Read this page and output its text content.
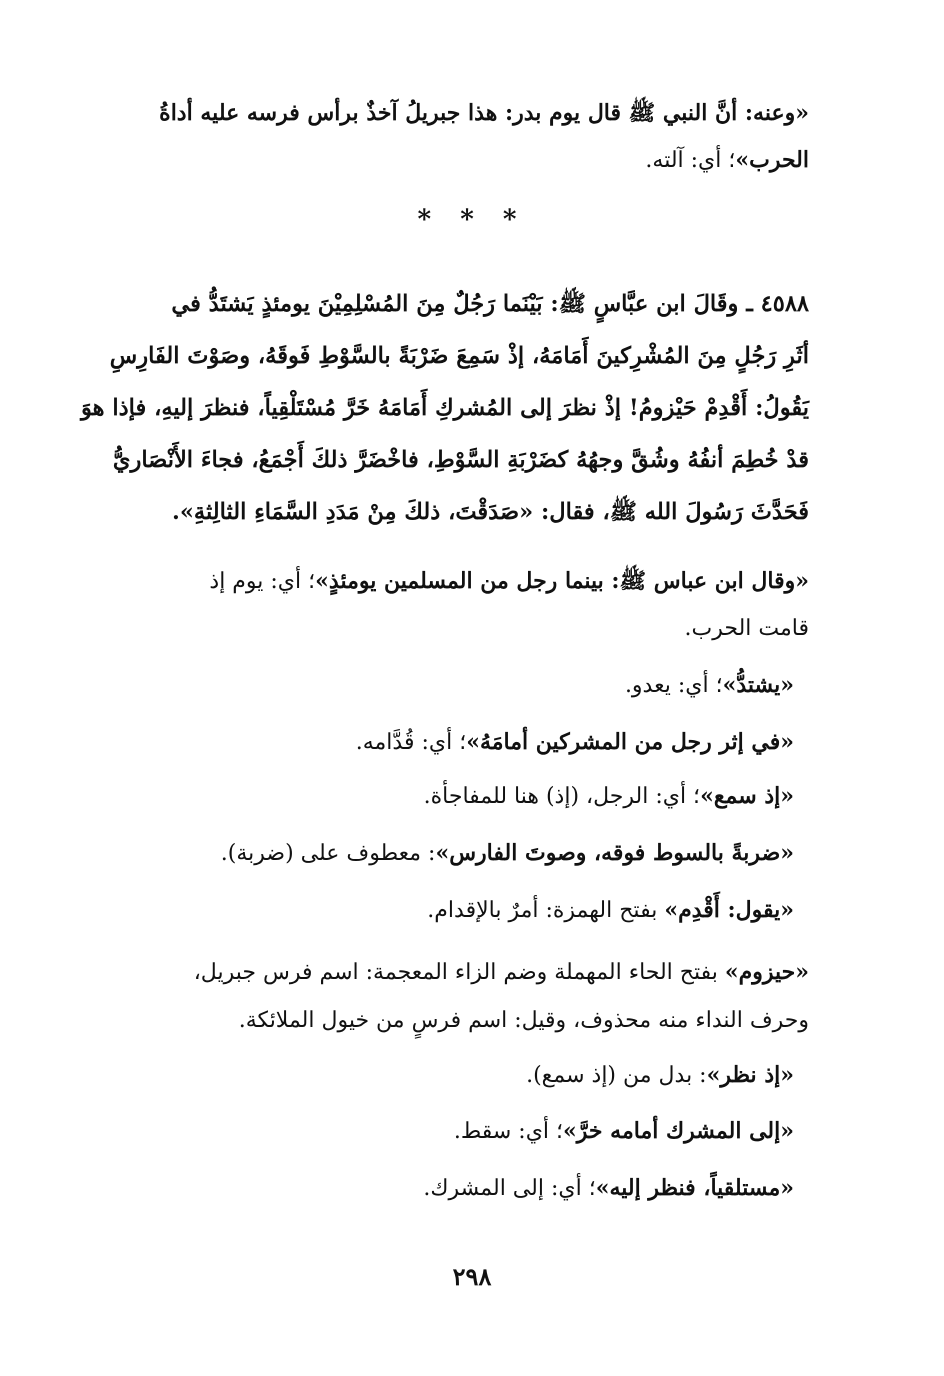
«وعنه: أنَّ النبي ﷺ قال يوم بدر: هذا جبريلُ آخذٌ برأس فرسه عليه أداةُ
الحرب»؛ أي: آلته.
* * *
٤٥٨٨ ـ وقَالَ ابن عبَّاسٍ ﷺ: بَيْنَما رَجُلٌ مِنَ المُسْلِمِيْنَ يومئذٍ يَشتَدُّ في
أثَرِ رَجُلٍ مِنَ المُشْرِكينَ أَمَامَهُ، إذْ سَمِعَ ضَرْبَةً بالسَّوْطِ فَوقَهُ، وصَوْتَ الفَارِسِ
يَقُولُ: أَقْدِمْ حَيْزومُ! إذْ نظرَ إلى المُشركِ أَمَامَهُ خَرَّ مُسْتَلْقِياً، فنظرَ إليهِ، فإذا هوَ
قدْ خُطِمَ أنفُهُ وشُقَّ وجهُهُ كضَرْبَةِ السَّوْطِ، فاخْضَرَّ ذلكَ أَجْمَعُ، فجاءَ الأَنْصَاريُّ
فَحَدَّثَ رَسُولَ الله ﷺ، فقال: «صَدَقْتَ، ذلكَ مِنْ مَدَدِ السَّمَاءِ الثالِثةِ».
«وقال ابن عباس ﷺ: بينما رجل من المسلمين يومئذٍ»؛ أي: يوم إذ
قامت الحرب.
«يشتدُّ»؛ أي: يعدو.
«في إثر رجل من المشركين أمامَهُ»؛ أي: قُدَّامه.
«إذ سمع»؛ أي: الرجل، (إذ) هنا للمفاجأة.
«ضربةً بالسوط فوقه، وصوتَ الفارس»: معطوف على (ضربة).
«يقول: أَقْدِم» بفتح الهمزة: أمرٌ بالإقدام.
«حيزوم» بفتح الحاء المهملة وضم الزاء المعجمة: اسم فرس جبريل،
وحرف النداء منه محذوف، وقيل: اسم فرسٍ من خيول الملائكة.
«إذ نظر»: بدل من (إذ سمع).
«إلى المشرك أمامه خرَّ»؛ أي: سقط.
«مستلقياً، فنظر إليه»؛ أي: إلى المشرك.
٢٩٨
